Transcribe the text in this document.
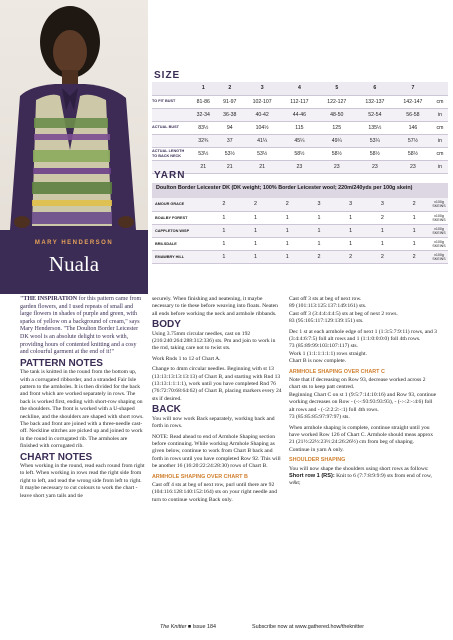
MARY HENDERSON
Nuala
SIZE
	1	2	3	4	5	6	7	
TO FIT BUST	81-86	91-97	102-107	112-117	122-127	132-137	142-147	cm
	32-34	36-38	40-42	44-46	48-50	52-54	56-58	in
ACTUAL BUST	83½	94	104½	115	125	135½	146	cm
	32¾	37	41¼	45¼	49¼	53¼	57½	in
ACTUAL LENGTH TO BACK NECK	53½	53½	53½	58½	58½	58½	58½	cm
	21	21	21	23	23	23	23	in
YARN
Doulton Border Leicester DK (DK weight; 100% Border Leicester wool; 220m/240yds per 100g skein)
AMOUR GRACE	2	2	2	3	3	3	2	x100g SKEINS
BOALBY FOREST	1	1	1	1	1	2	1	x100g SKEINS
CAPPLETON WISP	1	1	1	1	1	1	1	x100g SKEINS
BRILSDALE	1	1	1	1	1	1	1	x100g SKEINS
EMAWBRY HILL	1	1	1	2	2	2	2	x100g SKEINS

"THE INSPIRATION for this pattern came from garden flowers, and I used repeats of small and large flowers in shades of purple and green, with sparks of yellow on a background of cream," says Mary Henderson. "The Doulton Border Leicester DK wool is an absolute delight to work with, providing hours of contented knitting and a cosy and colourful garment at the end of it!"

PATTERN NOTES

The tank is knitted in the round from the bottom up, with a corrugated ribborder, and a stranded Fair Isle pattern to the armholes. It is then divided for the back and front which are worked separately in rows. The back is worked first, ending with short-row shaping on the shoulders. The front is worked with a U-shaped neckline, and the shoulders are shaped with short rows. The back and front are joined with a three-needle cast-off. Neckline stitches are picked up and joined to work in the round in corrugated rib. The armholes are finished with corrugated rib.

CHART NOTES

When working in the round, read each round from right to left. When working in rows read the right side from right to left, and read the wrong side from left to right. It maybe necessary to cut colours to work the chart - leave short yarn tails and tie

securely. When finishing and neatening, it maybe necessary to tie these before weaving into floats. Neaten all ends before working the neck and armhole ribbands.

BODY

Using 3.75mm circular needles, cast on 192 (216:240:264:288:312:336) sts. Pm and join to work in the rnd, taking care not to twist sts.

Work Rnds 1 to 12 of Chart A.

Change to 4mm circular needles. Beginning with st 13 (13:13:13:13:13:13) of Chart B, and starting with Rnd 13 (13:13:1:1:1:1), work until you have completed Rnd 76 (76:72:70:68:64:62) of Chart B, placing markers every 24 sts if desired.

BACK

You will now work Back separately, working back and forth in rows.

NOTE: Read ahead to end of Armhole Shaping section before continuing. While working Armhole Shaping as given below, continue to work from Chart B back and forth in rows until you have completed Row 92. This will be another 16 (16:20:22:24:28:30) rows of Chart B.

ARMHOLE SHAPING OVER CHART B

Cast off 4 sts at beg of next row, purl until there are 92 (104:116:128:140:152:164) sts on your right needle and turn to continue working Back only.

Cast off 3 sts at beg of next row.

89 (101:113:125:137:149:161) sts.

Cast off 3 (3:4:4:4:4:5) sts at beg of next 2 rows.

83 (95:105:117:129:139:151) sts.

Dec 1 st at each armhole edge of next 1 (1:3:5:7:9:11) rows, and 3 (3:4:4:6:7:5) foll alt rows and 1 (1:1:0:0:0:0) foll 4th rows.

73 (85:89:99:103:107:117) sts.

Work 1 (1:1:1:1:1:1) rows straight.

Chart B is now complete.

ARMHOLE SHAPING OVER CHART C

Note that if decreasing on Row 93, decrease worked across 2 chart sts to keep patt centred.

Beginning Chart C on st 1 (9:5:7:14:10:16) and Row 93, continue working decreases on Row - (-:-:93:93:93:93), - (-:-:2:-:4:6) foll alt rows and - (-:2:2:2:-:1) foll 4th rows.

73 (85:85:85:97:97:97) sts.

When armhole shaping is complete, continue straight until you have worked Row 126 of Chart C. Armhole should meas approx 21 (21½:22½:23½:24:26:26½) cm from beg of shaping.

Continue in yarn A only.

SHOULDER SHAPING

You will now shape the shoulders using short rows as follows:

Short row 1 (RS): Knit to 6 (7:7:8:9:9:9) sts from end of row, w&t;

The Knitter ■ Issue 184	Subscribe now at www.gathered.how/theknitter
